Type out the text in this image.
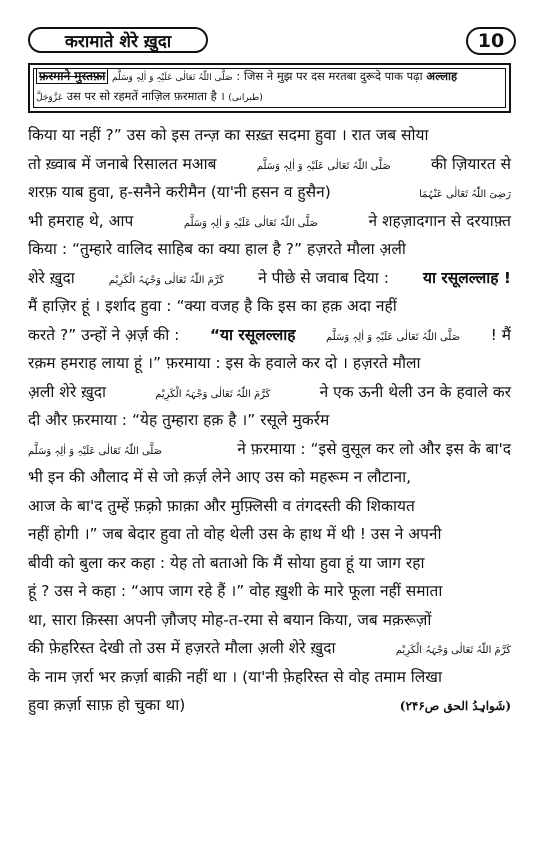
करामाते शेरे ख़ुदा	10
फ़रमाने मुस्तफ़ा صَلَّی اللّٰہُ تَعَالٰی عَلَیْہِ وَ اٰلِہٖ وَسَلَّم : जिस ने मुझ पर दस मरतबा दुरूदे पाक पढ़ा अल्लाह
عَزَّوَجَلَّ उस पर सो रहमतें नाज़िल फ़रमाता है । (طبرانی)
किया या नहीं ?” उस को इस तन्ज़ का सख़्त सदमा हुवा । रात जब सोया
तो ख़्वाब में जनाबे रिसालत मआब	صَلَّی اللّٰہُ تَعَالٰی عَلَیْہِ وَ اٰلِہٖ وَسَلَّم	की ज़ियारत से
शरफ़ याब हुवा, ह-सनैने करीमैन (या'नी हसन व हुसैन)	رَضِیَ اللّٰہُ تَعَالٰی عَنْہُمَا
भी हमराह थे, आप	صَلَّی اللّٰہُ تَعَالٰی عَلَیْہِ وَ اٰلِہٖ وَسَلَّم	ने शहज़ादगान से दरयाफ़्त
किया : “तुम्हारे वालिद साहिब का क्या हाल है ?” हज़रते मौला अ़ली
शेरे ख़ुदा	کَرَّمَ اللّٰہُ تَعَالٰی وَجْہَہُ الْکَرِیْم ने पीछे से जवाब दिया : या रसूलल्लाह !
मैं हाज़िर हूं । इर्शाद हुवा : “क्या वजह है कि इस का हक़ अदा नहीं
करते ?” उन्हों ने अ़र्ज़ की : “या रसूलल्लाह	صَلَّی اللّٰہُ تَعَالٰی عَلَیْہِ وَ اٰلِہٖ وَسَلَّم ! मैं
रक़म हमराह लाया हूं ।” फ़रमाया : इस के हवाले कर दो । हज़रते मौला
अ़ली शेरे ख़ुदा	کَرَّمَ اللّٰہُ تَعَالٰی وَجْہَہُ الْکَرِیْم	ने एक ऊनी थेली उन के हवाले कर
दी और फ़रमाया : “येह तुम्हारा हक़ है ।” रसूले मुकर्रम
صَلَّی اللّٰہُ تَعَالٰی عَلَیْہِ وَ اٰلِہٖ وَسَلَّم	ने फ़रमाया : “इसे वुसूल कर लो और इस के बा'द
भी इन की औलाद में से जो क़र्ज़ लेने आए उस को महरूम न लौटाना,
आज के बा'द तुम्हें फ़क़्रो फ़ाक़ा और मुफ़्लिसी व तंगदस्ती की शिकायत
नहीं होगी ।” जब बेदार हुवा तो वोह थेली उस के हाथ में थी ! उस ने अपनी
बीवी को बुला कर कहा : येह तो बताओ कि मैं सोया हुवा हूं या जाग रहा
हूं ? उस ने कहा : “आप जाग रहे हैं ।” वोह ख़ुशी के मारे फूला नहीं समाता
था, सारा क़िस्सा अपनी ज़ौजए मोह-त-रमा से बयान किया, जब मक़रूज़ों
की फ़ेहरिस्त देखी तो उस में हज़रते मौला अ़ली शेरे ख़ुदा	کَرَّمَ اللّٰہُ تَعَالٰی وَجْہَہُ الْکَرِیْم
के नाम ज़र्रा भर क़र्ज़ा बाक़ी नहीं था । (या'नी फ़ेहरिस्त से वोह तमाम लिखा
हुवा क़र्ज़ा साफ़ हो चुका था)	(شَواہِدُ الحق ص۲۴۶)
